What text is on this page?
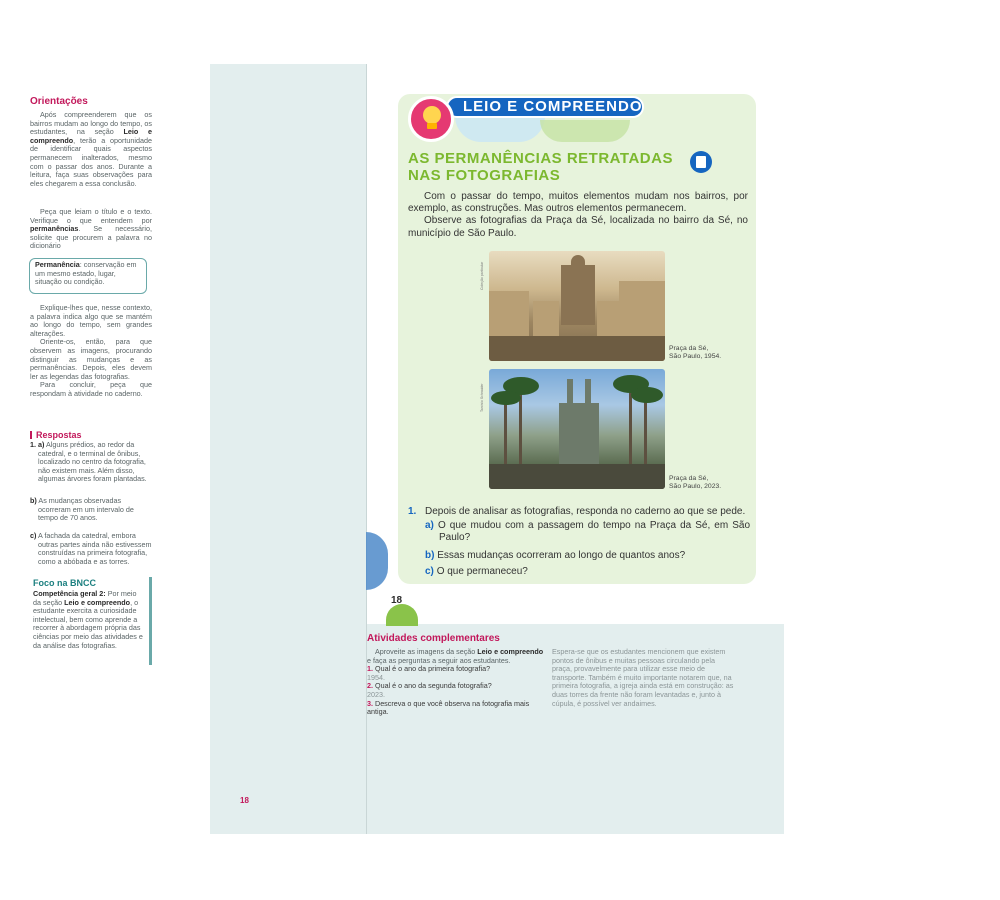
Orientações

Após compreenderem que os bairros mudam ao longo do tempo, os estudantes, na seção Leio e compreendo, terão a oportunidade de identificar quais aspectos permanecem inalterados, mesmo com o passar dos anos. Durante a leitura, faça suas observações para eles chegarem a essa conclusão.

Peça que leiam o título e o texto. Verifique o que entendem por permanências. Se necessário, solicite que procurem a palavra no dicionário

Permanência: conservação em um mesmo estado, lugar, situação ou condição.

Explique-lhes que, nesse contexto, a palavra indica algo que se mantém ao longo do tempo, sem grandes alterações.

Oriente-os, então, para que observem as imagens, procurando distinguir as mudanças e as permanências. Depois, eles devem ler as legendas das fotografias.

Para concluir, peça que respondam à atividade no caderno.

Respostas
1. a) Alguns prédios, ao redor da catedral, e o terminal de ônibus, localizado no centro da fotografia, não existem mais. Além disso, algumas árvores foram plantadas.
b) As mudanças observadas ocorreram em um intervalo de tempo de 70 anos.
c) A fachada da catedral, embora outras partes ainda não estivessem construídas na primeira fotografia, como a abóbada e as torres.
Foco na BNCC
Competência geral 2: Por meio da seção Leio e compreendo, o estudante exercita a curiosidade intelectual, bem como aprende a recorrer à abordagem própria das ciências por meio das atividades e da análise das fotografias.
18
LEIO E COMPREENDO
AS PERMANÊNCIAS RETRATADAS NAS FOTOGRAFIAS

Com o passar do tempo, muitos elementos mudam nos bairros, por exemplo, as construções. Mas outros elementos permanecem.

Observe as fotografias da Praça da Sé, localizada no bairro da Sé, no município de São Paulo.

Coleção particular
Praça da Sé,
São Paulo, 1954.
Tarcisio Schnaider
Praça da Sé,
São Paulo, 2023.
1. Depois de analisar as fotografias, responda no caderno ao que se pede.
a) O que mudou com a passagem do tempo na Praça da Sé, em São Paulo?
b) Essas mudanças ocorreram ao longo de quantos anos?
c) O que permaneceu?
18
Atividades complementares

Aproveite as imagens da seção Leio e compreendo e faça as perguntas a seguir aos estudantes.

1. Qual é o ano da primeira fotografia?
1954.
2. Qual é o ano da segunda fotografia?
2023.
3. Descreva o que você observa na fotografia mais antiga.
Espera-se que os estudantes mencionem que existem pontos de ônibus e muitas pessoas circulando pela praça, provavelmente para utilizar esse meio de transporte. Também é muito importante notarem que, na primeira fotografia, a igreja ainda está em construção: as duas torres da frente não foram levantadas e, junto à cúpula, é possível ver andaimes.
